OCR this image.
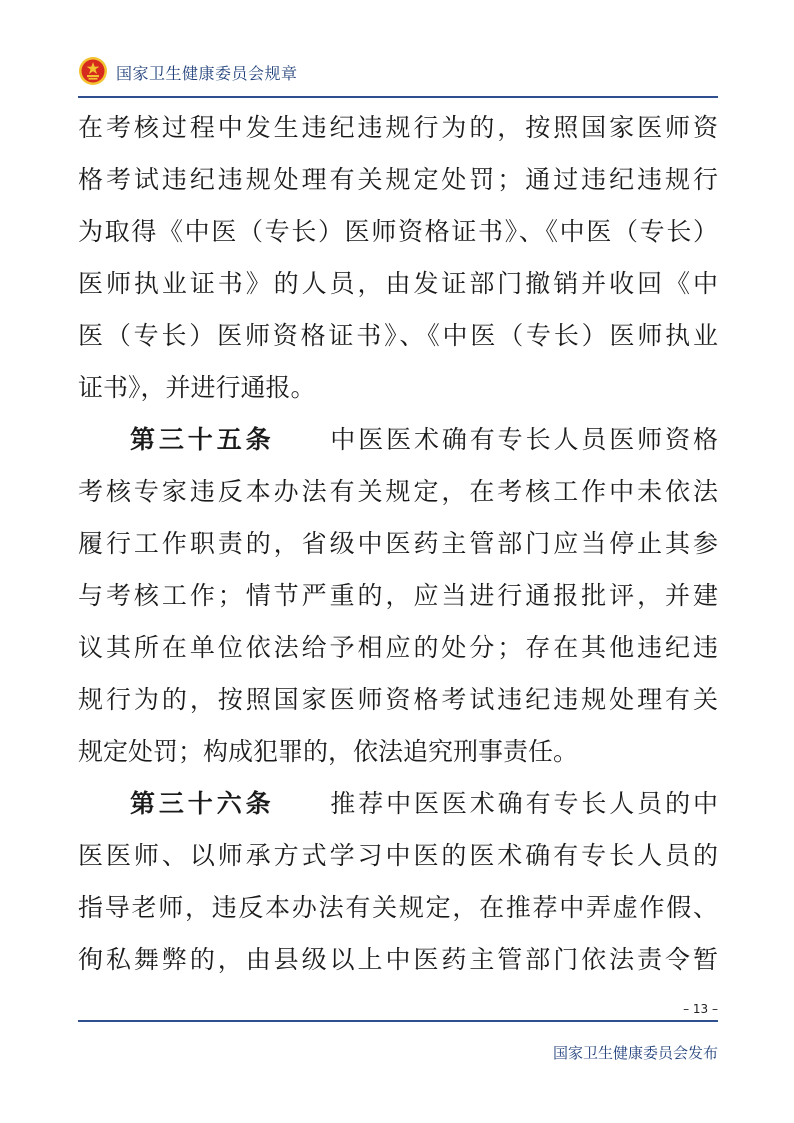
国家卫生健康委员会规章
在考核过程中发生违纪违规行为的，按照国家医师资
格考试违纪违规处理有关规定处罚；通过违纪违规行
为取得《中医（专长）医师资格证书》、《中医（专长）
医师执业证书》的人员，由发证部门撤销并收回《中
医（专长）医师资格证书》、《中医（专长）医师执业
证书》，并进行通报。
第三十五条　　 中医医术确有专长人员医师资格
考核专家违反本办法有关规定，在考核工作中未依法
履行工作职责的，省级中医药主管部门应当停止其参
与考核工作；情节严重的，应当进行通报批评，并建
议其所在单位依法给予相应的处分；存在其他违纪违
规行为的，按照国家医师资格考试违纪违规处理有关
规定处罚；构成犯罪的，依法追究刑事责任。
第三十六条　　 推荐中医医术确有专长人员的中
医医师、以师承方式学习中医的医术确有专长人员的
指导老师，违反本办法有关规定，在推荐中弄虚作假、
徇私舞弊的，由县级以上中医药主管部门依法责令暂
– 13 –
国家卫生健康委员会发布
